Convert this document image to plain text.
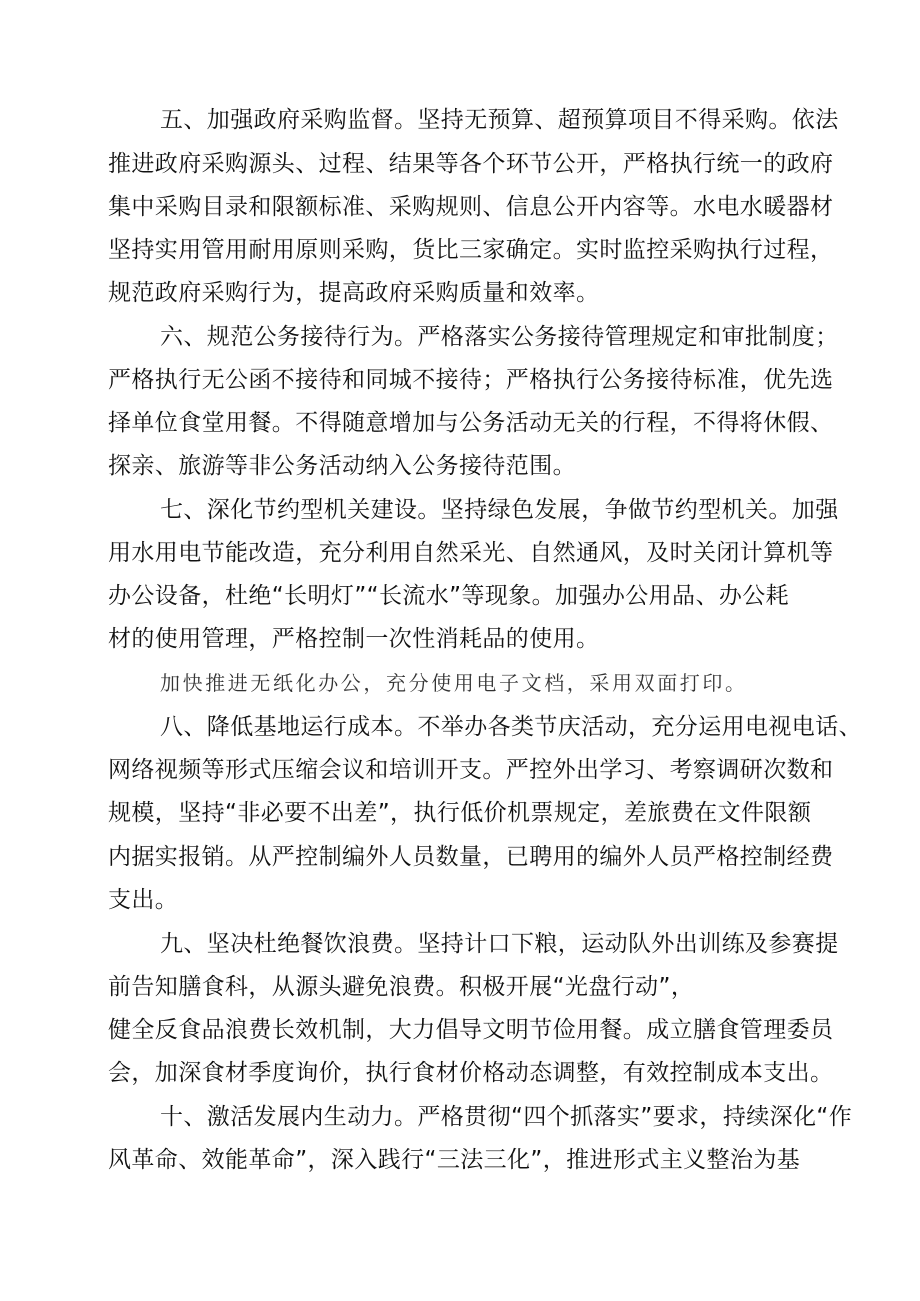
五、加强政府采购监督。坚持无预算、超预算项目不得采购。依法

推进政府采购源头、过程、结果等各个环节公开，严格执行统一的政府

集中采购目录和限额标准、采购规则、信息公开内容等。水电水暖器材

坚持实用管用耐用原则采购，货比三家确定。实时监控采购执行过程，

规范政府采购行为，提高政府采购质量和效率。

六、规范公务接待行为。严格落实公务接待管理规定和审批制度；

严格执行无公函不接待和同城不接待；严格执行公务接待标准，优先选

择单位食堂用餐。不得随意增加与公务活动无关的行程，不得将休假、

探亲、旅游等非公务活动纳入公务接待范围。

七、深化节约型机关建设。坚持绿色发展，争做节约型机关。加强

用水用电节能改造，充分利用自然采光、自然通风，及时关闭计算机等

办公设备，杜绝“长明灯”“长流水”等现象。加强办公用品、办公耗

材的使用管理，严格控制一次性消耗品的使用。

加快推进无纸化办公，充分使用电子文档，采用双面打印。

八、降低基地运行成本。不举办各类节庆活动，充分运用电视电话、

网络视频等形式压缩会议和培训开支。严控外出学习、考察调研次数和

规模，坚持“非必要不出差”，执行低价机票规定，差旅费在文件限额

内据实报销。从严控制编外人员数量，已聘用的编外人员严格控制经费

支出。

九、坚决杜绝餐饮浪费。坚持计口下粮，运动队外出训练及参赛提

前告知膳食科，从源头避免浪费。积极开展“光盘行动”，

健全反食品浪费长效机制，大力倡导文明节俭用餐。成立膳食管理委员

会，加深食材季度询价，执行食材价格动态调整，有效控制成本支出。

十、激活发展内生动力。严格贯彻“四个抓落实”要求，持续深化“作

风革命、效能革命”，深入践行“三法三化”，推进形式主义整治为基
